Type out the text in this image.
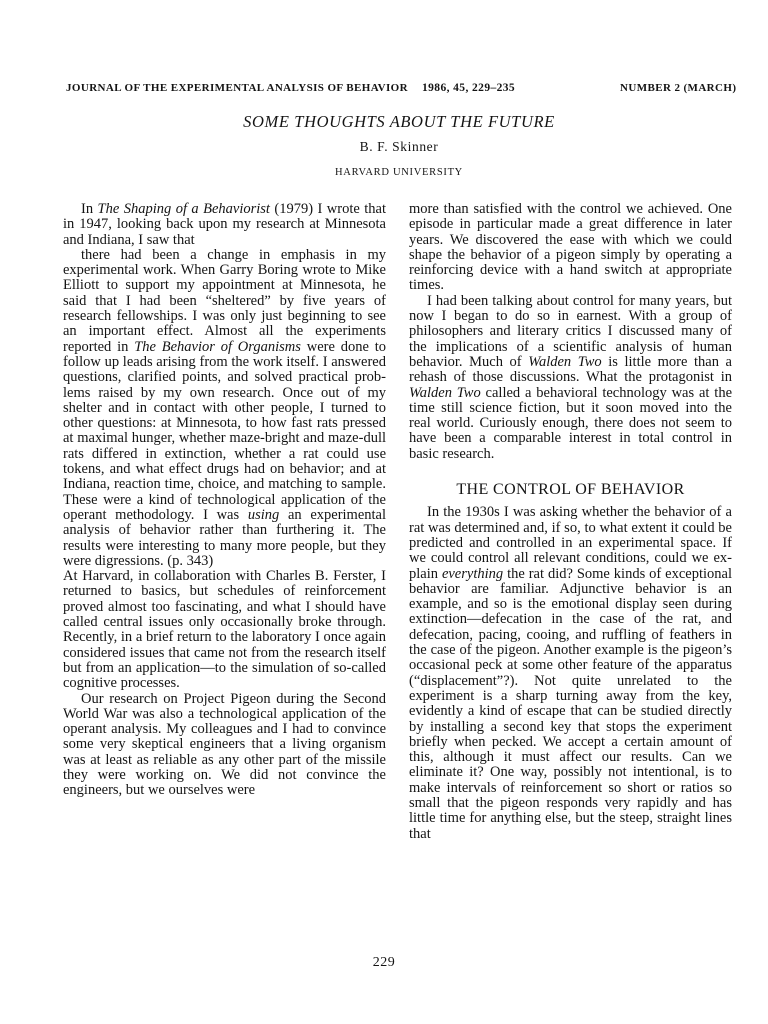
JOURNAL OF THE EXPERIMENTAL ANALYSIS OF BEHAVIOR 1986, 45, 229–235	NUMBER 2 (MARCH)
SOME THOUGHTS ABOUT THE FUTURE
B. F. Skinner
HARVARD UNIVERSITY

In The Shaping of a Behaviorist (1979) I wrote that in 1947, looking back upon my research at Minnesota and Indiana, I saw that

there had been a change in emphasis in my experimental work. When Garry Boring wrote to Mike Elliott to support my appointment at Minnesota, he said that I had been “sheltered” by five years of research fellowships. I was only just beginning to see an important effect. Almost all the experiments reported in The Behavior of Organisms were done to follow up leads arising from the work itself. I answered questions, clarified points, and solved practical problems raised by my own research. Once out of my shelter and in contact with other people, I turned to other questions: at Minnesota, to how fast rats pressed at maximal hunger, whether maze-bright and maze-dull rats differed in extinction, whether a rat could use tokens, and what effect drugs had on behavior; and at Indiana, reaction time, choice, and matching to sample. These were a kind of technological application of the operant methodology. I was using an experimental analysis of behavior rather than furthering it. The results were interesting to many more people, but they were digressions. (p. 343)

At Harvard, in collaboration with Charles B. Ferster, I returned to basics, but schedules of reinforcement proved almost too fascinating, and what I should have called central issues only occasionally broke through. Recently, in a brief return to the laboratory I once again considered issues that came not from the research itself but from an application—to the simulation of so-called cognitive processes.

Our research on Project Pigeon during the Second World War was also a technological application of the operant analysis. My colleagues and I had to convince some very skeptical engineers that a living organism was at least as reliable as any other part of the missile they were working on. We did not convince the engineers, but we ourselves were

more than satisfied with the control we achieved. One episode in particular made a great difference in later years. We discovered the ease with which we could shape the behavior of a pigeon simply by operating a reinforcing device with a hand switch at appropriate times.

I had been talking about control for many years, but now I began to do so in earnest. With a group of philosophers and literary critics I discussed many of the implications of a scientific analysis of human behavior. Much of Walden Two is little more than a rehash of those discussions. What the protagonist in Walden Two called a behavioral technology was at the time still science fiction, but it soon moved into the real world. Curiously enough, there does not seem to have been a comparable interest in total control in basic research.

THE CONTROL OF BEHAVIOR

In the 1930s I was asking whether the behavior of a rat was determined and, if so, to what extent it could be predicted and controlled in an experimental space. If we could control all relevant conditions, could we explain everything the rat did? Some kinds of exceptional behavior are familiar. Adjunctive behavior is an example, and so is the emotional display seen during extinction—defecation in the case of the rat, and defecation, pacing, cooing, and ruffling of feathers in the case of the pigeon. Another example is the pigeon’s occasional peck at some other feature of the apparatus (“displacement”?). Not quite unrelated to the experiment is a sharp turning away from the key, evidently a kind of escape that can be studied directly by installing a second key that stops the experiment briefly when pecked. We accept a certain amount of this, although it must affect our results. Can we eliminate it? One way, possibly not intentional, is to make intervals of reinforcement so short or ratios so small that the pigeon responds very rapidly and has little time for anything else, but the steep, straight lines that

229
